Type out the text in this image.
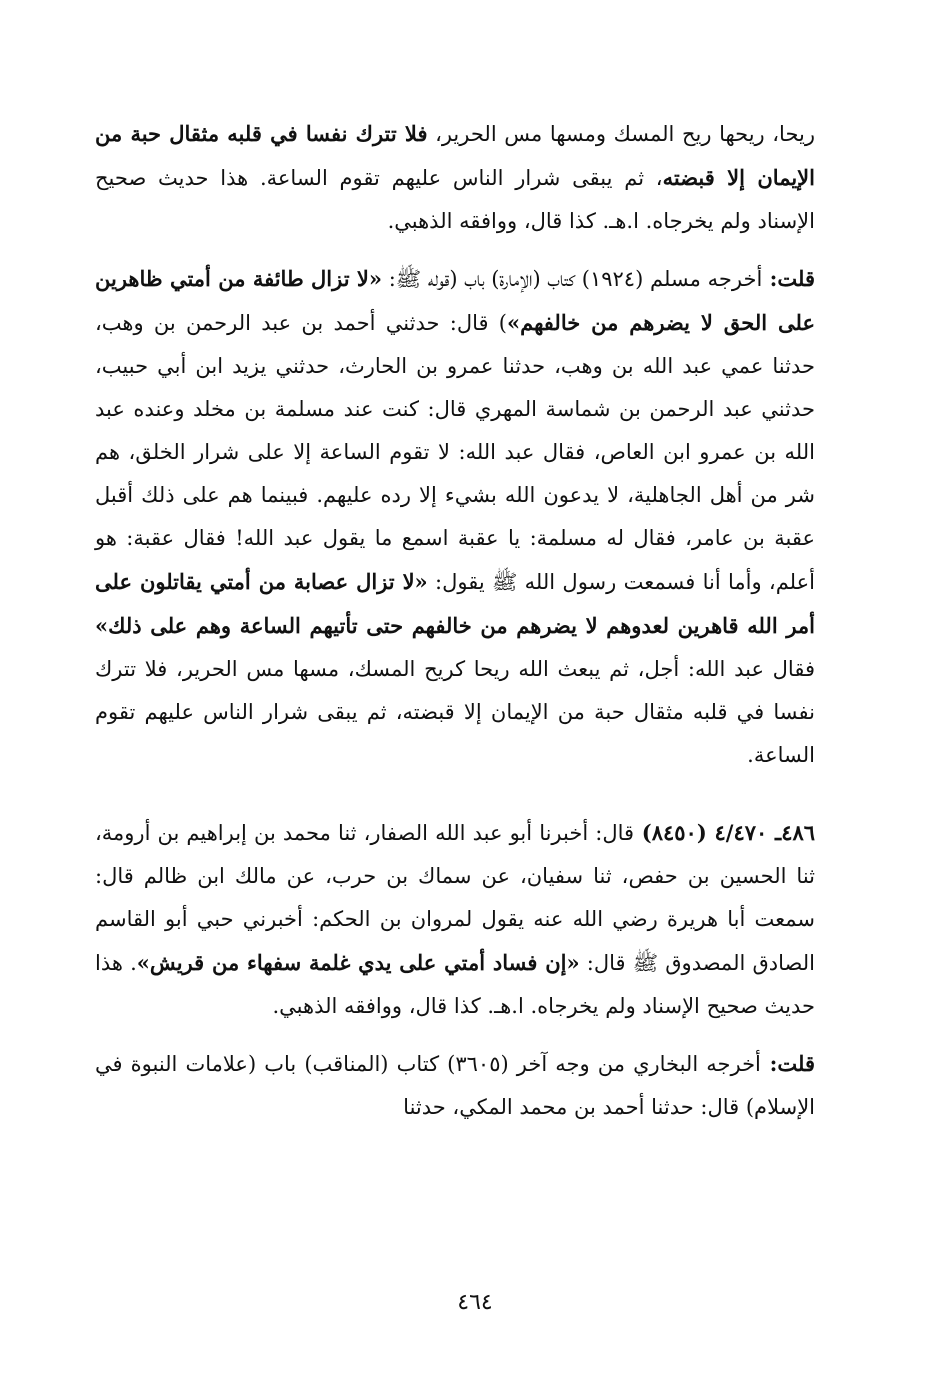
ريحا، ريحها ريح المسك ومسها مس الحرير، فلا تترك نفسا في قلبه مثقال حبة من الإيمان إلا قبضته، ثم يبقى شرار الناس عليهم تقوم الساعة. هذا حديث صحيح الإسناد ولم يخرجاه. ا.هـ. كذا قال، ووافقه الذهبي.

قلت: أخرجه مسلم (١٩٢٤) كتاب (الإمارة) باب (قوله ﷺ: «لا تزال طائفة من أمتي ظاهرين على الحق لا يضرهم من خالفهم») قال: حدثني أحمد بن عبد الرحمن بن وهب، حدثنا عمي عبد الله بن وهب، حدثنا عمرو بن الحارث، حدثني يزيد ابن أبي حبيب، حدثني عبد الرحمن بن شماسة المهري قال: كنت عند مسلمة بن مخلد وعنده عبد الله بن عمرو ابن العاص، فقال عبد الله: لا تقوم الساعة إلا على شرار الخلق، هم شر من أهل الجاهلية، لا يدعون الله بشيء إلا رده عليهم. فبينما هم على ذلك أقبل عقبة بن عامر، فقال له مسلمة: يا عقبة اسمع ما يقول عبد الله! فقال عقبة: هو أعلم، وأما أنا فسمعت رسول الله ﷺ يقول: «لا تزال عصابة من أمتي يقاتلون على أمر الله قاهرين لعدوهم لا يضرهم من خالفهم حتى تأتيهم الساعة وهم على ذلك» فقال عبد الله: أجل، ثم يبعث الله ريحا كريح المسك، مسها مس الحرير، فلا تترك نفسا في قلبه مثقال حبة من الإيمان إلا قبضته، ثم يبقى شرار الناس عليهم تقوم الساعة.

٤٨٦ـ ٤/٤٧٠ (٨٤٥٠) قال: أخبرنا أبو عبد الله الصفار، ثنا محمد بن إبراهيم بن أرومة، ثنا الحسين بن حفص، ثنا سفيان، عن سماك بن حرب، عن مالك ابن ظالم قال: سمعت أبا هريرة رضي الله عنه يقول لمروان بن الحكم: أخبرني حبي أبو القاسم الصادق المصدوق ﷺ قال: «إن فساد أمتي على يدي غلمة سفهاء من قريش». هذا حديث صحيح الإسناد ولم يخرجاه. ا.هـ. كذا قال، ووافقه الذهبي.

قلت: أخرجه البخاري من وجه آخر (٣٦٠٥) كتاب (المناقب) باب (علامات النبوة في الإسلام) قال: حدثنا أحمد بن محمد المكي، حدثنا

٤٦٤
